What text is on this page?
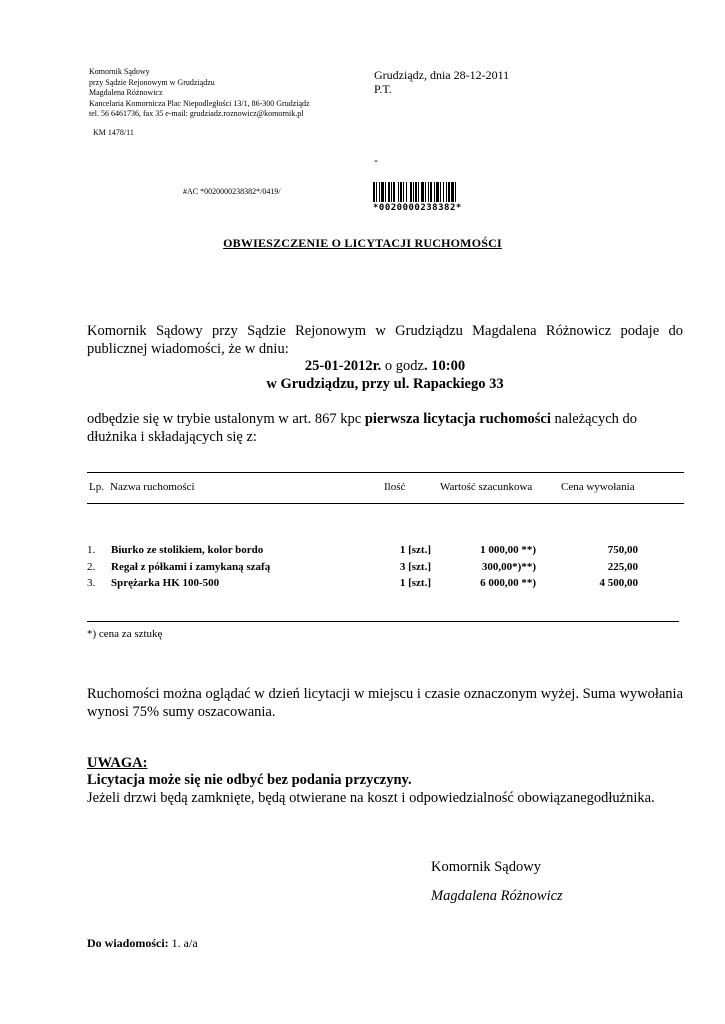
Komornik Sądowy
przy Sądzie Rejonowym w Grudziądzu
Magdalena Różnowicz
Kancelaria Komornicza Plac Niepodległości 13/1, 86-300 Grudziądz
tel. 56 6461736, fax 35 e-mail: grudziadz.roznowicz@komornik.pl
KM 1478/11
Grudziądz, dnia 28-12-2011
P.T.
-
#AC *0020000238382*/0419/
*0020000238382*
OBWIESZCZENIE O LICYTACJI RUCHOMOŚCI
Komornik Sądowy przy Sądzie Rejonowym w Grudziądzu Magdalena Różnowicz podaje do publicznej wiadomości, że w dniu:
25-01-2012r. o godz. 10:00
w Grudziądzu, przy ul. Rapackiego 33
odbędzie się w trybie ustalonym w art. 867 kpc pierwsza licytacja ruchomości należących do dłużnika i składających się z:
Lp. Nazwa ruchomości	Ilość	Wartość szacunkowa	Cena wywołania
1. Biurko ze stolikiem, kolor bordo	1 [szt.]	1 000,00 **)	750,00
2. Regał z półkami i zamykaną szafą	3 [szt.]	300,00*)**)	225,00
3. Sprężarka HK 100-500	1 [szt.]	6 000,00 **)	4 500,00
*) cena za sztukę
Ruchomości można oglądać w dzień licytacji w miejscu i czasie oznaczonym wyżej. Suma wywołania wynosi 75% sumy oszacowania.
UWAGA:
Licytacja może się nie odbyć bez podania przyczyny.
Jeżeli drzwi będą zamknięte, będą otwierane na koszt i odpowiedzialność obowiązanegodłużnika.
Komornik Sądowy
Magdalena Różnowicz
Do wiadomości: 1. a/a
